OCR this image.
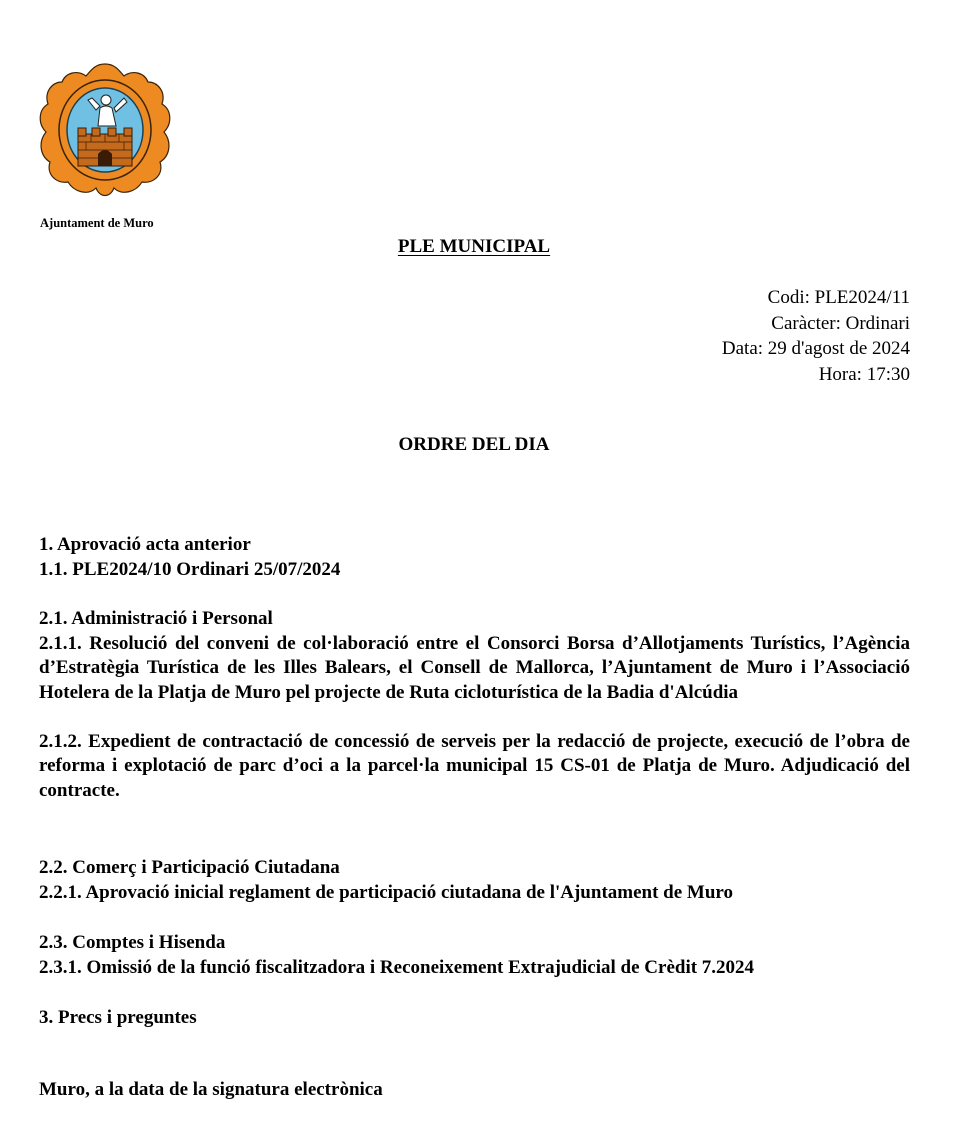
Ajuntament de Muro
PLE MUNICIPAL
Codi: PLE2024/11
Caràcter: Ordinari
Data: 29 d'agost de 2024
Hora: 17:30
ORDRE DEL DIA
1. Aprovació acta anterior
1.1. PLE2024/10 Ordinari 25/07/2024
2.1. Administració i Personal
2.1.1. Resolució del conveni de col·laboració entre el Consorci Borsa d’Allotjaments Turístics, l’Agència d’Estratègia Turística de les Illes Balears, el Consell de Mallorca, l’Ajuntament de Muro i l’Associació Hotelera de la Platja de Muro pel projecte de Ruta cicloturística de la Badia d'Alcúdia
2.1.2. Expedient de contractació de concessió de serveis per la redacció de projecte, execució de l’obra de reforma i explotació de parc d’oci a la parcel·la municipal 15 CS-01 de Platja de Muro. Adjudicació del contracte.
2.2. Comerç i Participació Ciutadana
2.2.1. Aprovació inicial reglament de participació ciutadana de l'Ajuntament de Muro
2.3. Comptes i Hisenda
2.3.1. Omissió de la funció fiscalitzadora i Reconeixement Extrajudicial de Crèdit 7.2024
3. Precs i preguntes
Muro, a la data de la signatura electrònica
